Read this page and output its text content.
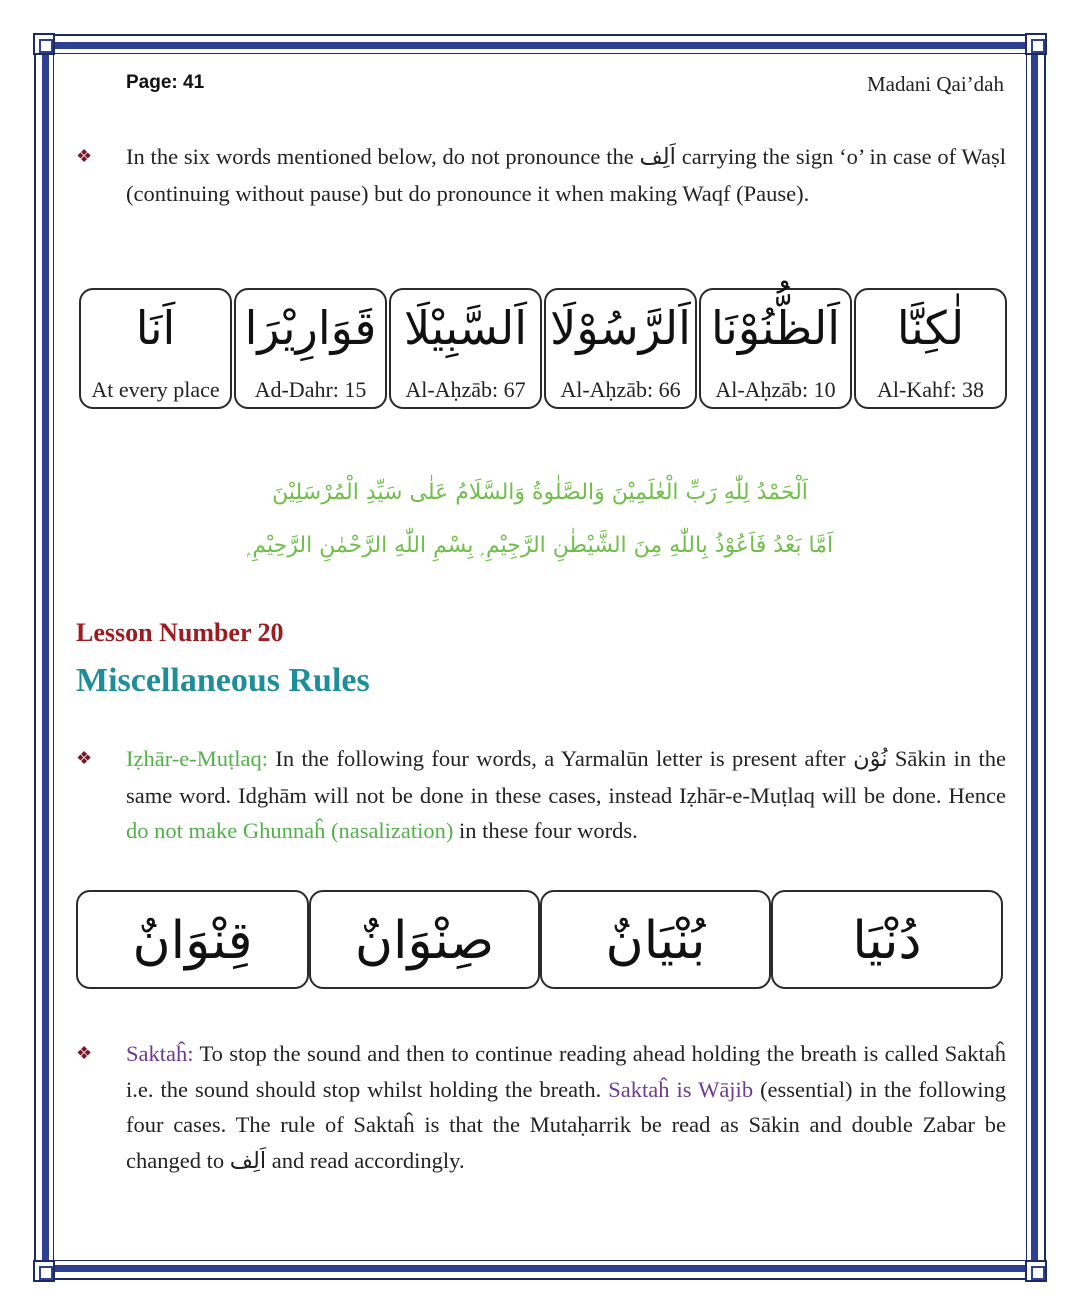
Page: 41	Madani Qai’dah
❖ In the six words mentioned below, do not pronounce the اَلِف carrying the sign ‘o’ in case of Waṣl (continuing without pause) but do pronounce it when making Waqf (Pause).
اَنَا
At every place
قَوَارِيْرَا
Ad-Dahr: 15
اَلسَّبِيْلَا
Al-Aḥzāb: 67
اَلرَّسُوْلَا
Al-Aḥzāb: 66
اَلظُّنُوْنَا
Al-Aḥzāb: 10
لٰكِنَّا
Al-Kahf: 38
اَلْحَمْدُ لِلّٰهِ رَبِّ الْعٰلَمِيْنَ وَالصَّلٰوةُ وَالسَّلَامُ عَلٰى سَيِّدِ الْمُرْسَلِيْنَ
اَمَّا بَعْدُ فَاَعُوْذُ بِاللّٰهِ مِنَ الشَّيْطٰنِ الرَّجِيْمِ ۭ بِسْمِ اللّٰهِ الرَّحْمٰنِ الرَّحِيْمِ ۭ
Lesson Number 20
Miscellaneous Rules
❖ Iẓhār-e-Muṭlaq: In the following four words, a Yarmalūn letter is present after نُوْن Sākin in the same word. Idghām will not be done in these cases, instead Iẓhār-e-Muṭlaq will be done. Hence do not make Ghunnaĥ (nasalization) in these four words.
قِنْوَانٌ	صِنْوَانٌ	بُنْيَانٌ	دُنْيَا
❖ Saktaĥ: To stop the sound and then to continue reading ahead holding the breath is called Saktaĥ i.e. the sound should stop whilst holding the breath. Saktaĥ is Wājib (essential) in the following four cases. The rule of Saktaĥ is that the Mutaḥarrik be read as Sākin and double Zabar be changed to اَلِف and read accordingly.
